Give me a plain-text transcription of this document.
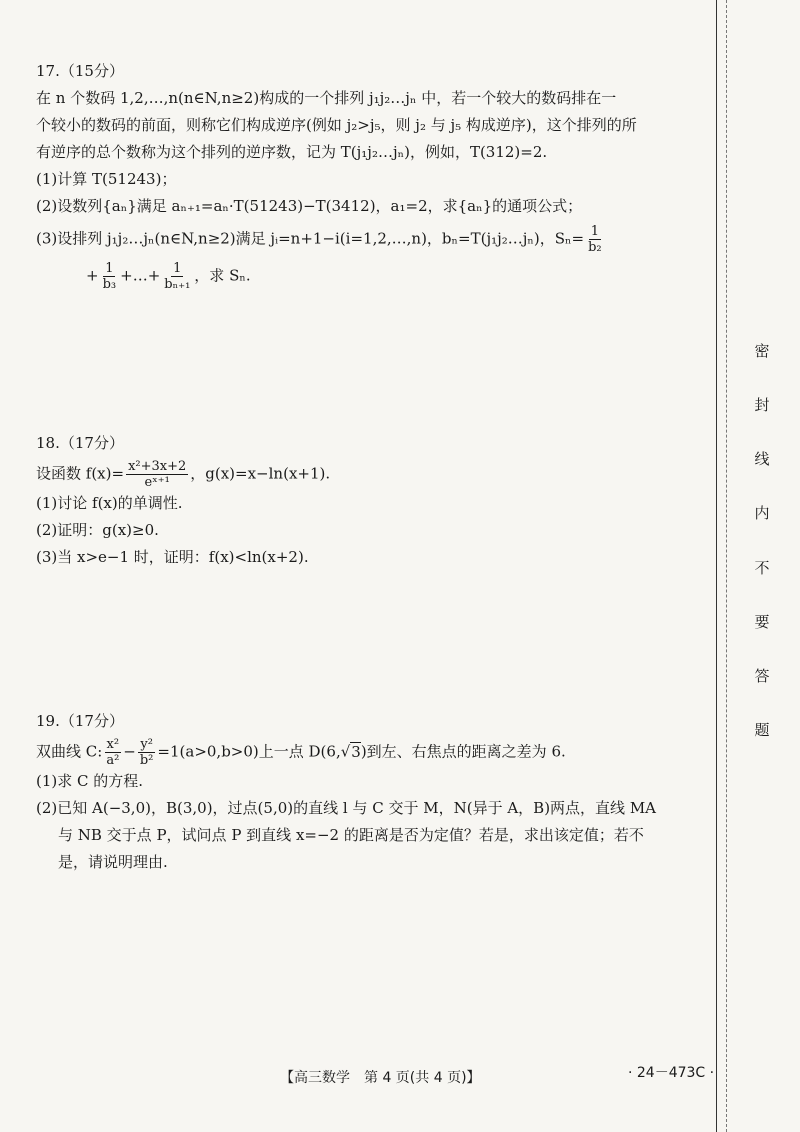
密
封
线
内
不
要
答
题
17.（15分）
在 n 个数码 1,2,…,n(n∈N,n≥2)构成的一个排列 j₁j₂…jₙ 中，若一个较大的数码排在一
个较小的数码的前面，则称它们构成逆序(例如 j₂>j₅，则 j₂ 与 j₅ 构成逆序)，这个排列的所
有逆序的总个数称为这个排列的逆序数，记为 T(j₁j₂…jₙ)，例如，T(312)=2.
(1)计算 T(51243)；
(2)设数列{aₙ}满足 aₙ₊₁=aₙ·T(51243)−T(3412)，a₁=2，求{aₙ}的通项公式；
(3)设排列 j₁j₂…jₙ(n∈N,n≥2)满足 jᵢ=n+1−i(i=1,2,…,n)，bₙ=T(j₁j₂…jₙ)，$S_n= \frac{1}{\text{b₂}}$
+ $\frac{1}{\text{b₃}}$ +…+ $\frac{1}{\text{bₙ₊₁}}$ ，求 Sₙ.
18.（17分）
设函数 $f(x)= \frac{\text{x²+3x+2}}{\text{eˣ⁺¹}}$ ，g(x)=x−ln(x+1).
(1)讨论 f(x)的单调性.
(2)证明：g(x)≥0.
(3)当 x>e−1 时，证明：f(x)<ln(x+2).
19.（17分）
双曲线 C: $\frac{\text{x²}}{\text{a²}} - \frac{\text{y²}}{\text{b²}} =1(a>0,b>0)$上一点 D(6,√3)到左、右焦点的距离之差为 6.
(1)求 C 的方程.
(2)已知 A(−3,0)，B(3,0)，过点(5,0)的直线 l 与 C 交于 M，N(异于 A，B)两点，直线 MA
与 NB 交于点 P，试问点 P 到直线 x=−2 的距离是否为定值？若是，求出该定值；若不
是，请说明理由.
【高三数学　第 4 页(共 4 页)】	· 24－473C ·
